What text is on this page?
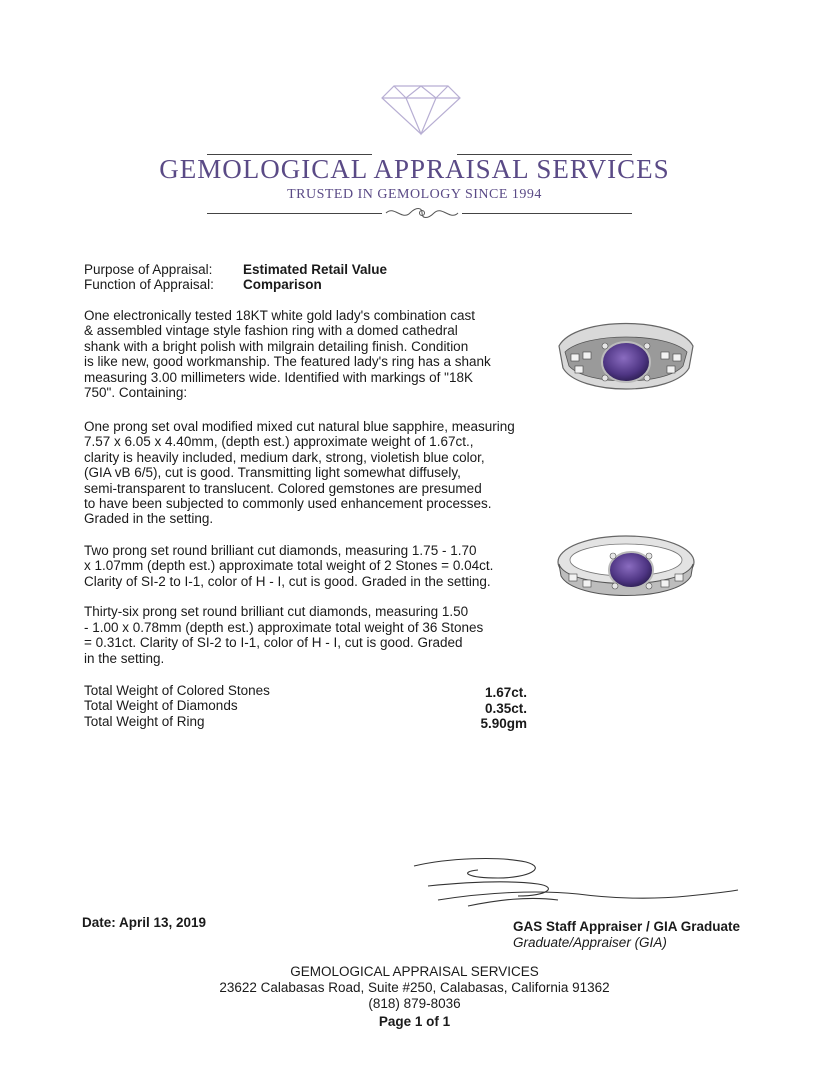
GEMOLOGICAL APPRAISAL SERVICES
TRUSTED IN GEMOLOGY SINCE 1994
Purpose of Appraisal: Estimated Retail Value
Function of Appraisal: Comparison
One electronically tested 18KT white gold lady's combination cast
& assembled vintage style fashion ring with a domed cathedral
shank with a bright polish with milgrain detailing finish. Condition
is like new, good workmanship. The featured lady's ring has a shank
measuring 3.00 millimeters wide. Identified with markings of "18K
750". Containing:
One prong set oval modified mixed cut natural blue sapphire, measuring
7.57 x 6.05 x 4.40mm, (depth est.) approximate weight of 1.67ct.,
clarity is heavily included, medium dark, strong, violetish blue color,
(GIA vB 6/5), cut is good. Transmitting light somewhat diffusely,
semi-transparent to translucent. Colored gemstones are presumed
to have been subjected to commonly used enhancement processes.
Graded in the setting.
Two prong set round brilliant cut diamonds, measuring 1.75 - 1.70
x 1.07mm (depth est.) approximate total weight of 2 Stones = 0.04ct.
Clarity of SI-2 to I-1, color of H - I, cut is good. Graded in the setting.
Thirty-six prong set round brilliant cut diamonds, measuring 1.50
- 1.00 x 0.78mm (depth est.) approximate total weight of 36 Stones
= 0.31ct. Clarity of SI-2 to I-1, color of H - I, cut is good. Graded
in the setting.
Total Weight of Colored Stones	1.67ct.
Total Weight of Diamonds	0.35ct.
Total Weight of Ring	5.90gm
Date: April 13, 2019	GAS Staff Appraiser / GIA Graduate
Graduate/Appraiser (GIA)
GEMOLOGICAL APPRAISAL SERVICES
23622 Calabasas Road, Suite #250, Calabasas, California 91362
(818) 879-8036
Page 1 of 1
